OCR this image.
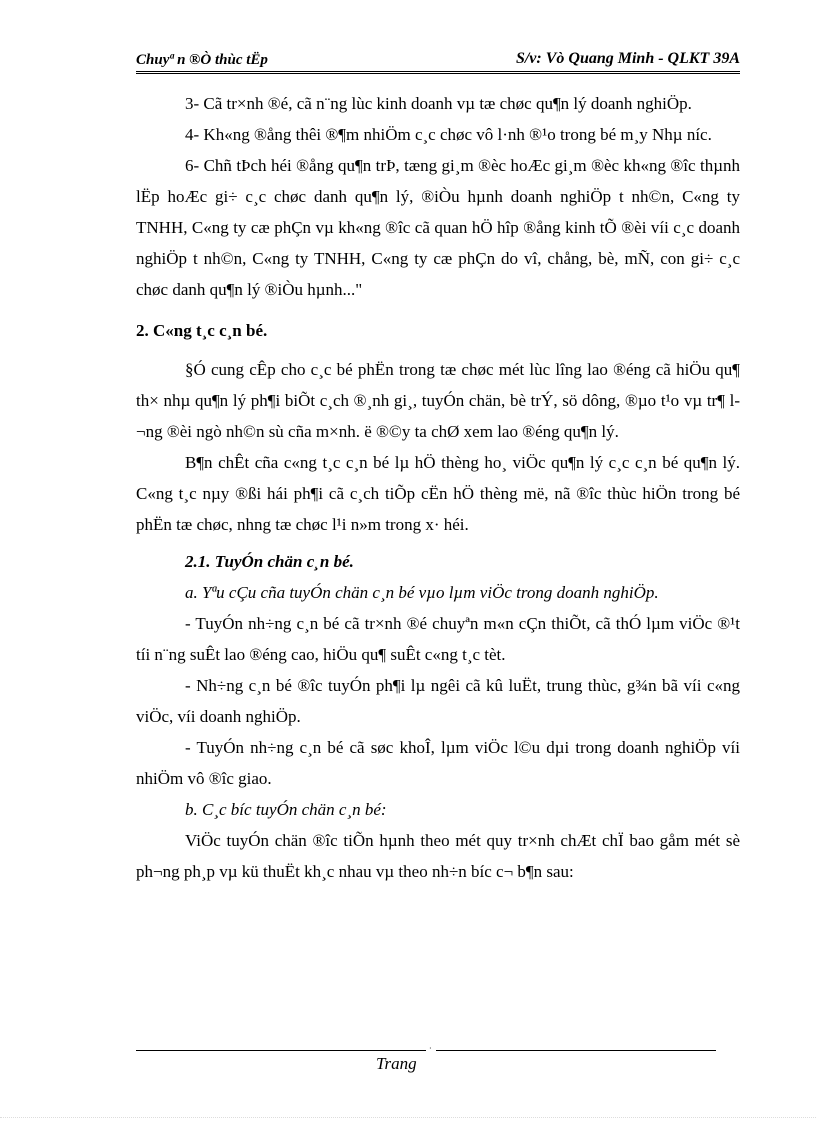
Chuyª n ®Ò thùc tËp	S/v: Vò Quang Minh - QLKT 39A

3- Cã tr×nh ®é, cã n¨ng lùc kinh doanh vµ tæ chøc qu¶n lý doanh nghiÖp.

4- Kh«ng ®ång thêi ®¶m nhiÖm c¸c chøc vô l·nh ®¹o trong bé m¸y Nhµ níc.

6- Chñ tÞch héi ®ång qu¶n trÞ, tæng gi¸m ®èc hoÆc gi¸m ®èc kh«ng ®îc thµnh lËp hoÆc gi÷ c¸c chøc danh qu¶n lý, ®iÒu hµnh doanh nghiÖp t nh©n, C«ng ty TNHH, C«ng ty cæ phÇn vµ kh«ng ®îc cã quan hÖ hîp ®ång kinh tÕ ®èi víi c¸c doanh nghiÖp t nh©n, C«ng ty TNHH, C«ng ty cæ phÇn do vî, chång, bè, mÑ, con gi÷ c¸c chøc danh qu¶n lý ®iÒu hµnh..."

2. C«ng t¸c c¸n bé.

§Ó cung cÊp cho c¸c bé phËn trong tæ chøc mét lùc lîng lao ®éng cã hiÖu qu¶ th× nhµ qu¶n lý ph¶i biÕt c¸ch ®¸nh gi¸, tuyÓn chän, bè trÝ, sö dông, ®µo t¹o vµ tr¶ l¬ng ®èi ngò nh©n sù cña m×nh. ë ®©y ta chØ xem lao ®éng qu¶n lý.

B¶n chÊt cña c«ng t¸c c¸n bé lµ hÖ thèng ho¸ viÖc qu¶n lý c¸c c¸n bé qu¶n lý. C«ng t¸c nµy ®ßi hái ph¶i cã c¸ch tiÕp cËn hÖ thèng më, nã ®îc thùc hiÖn trong bé phËn tæ chøc, nhng tæ chøc l¹i n»m trong x· héi.

2.1. TuyÓn chän c¸n bé.

a. Yªu cÇu cña tuyÓn chän c¸n bé vµo lµm viÖc trong doanh nghiÖp.

- TuyÓn nh÷ng c¸n bé cã tr×nh ®é chuyªn m«n cÇn thiÕt, cã thÓ lµm viÖc ®¹t tíi n¨ng suÊt lao ®éng cao, hiÖu qu¶ suÊt c«ng t¸c tèt.

- Nh÷ng c¸n bé ®îc tuyÓn ph¶i lµ ngêi cã kû luËt, trung thùc, g¾n bã víi c«ng viÖc, víi doanh nghiÖp.

- TuyÓn nh÷ng c¸n bé cã søc khoÎ, lµm viÖc l©u dµi trong doanh nghiÖp víi nhiÖm vô ®îc giao.

b. C¸c bíc tuyÓn chän c¸n bé:

ViÖc tuyÓn chän ®îc tiÕn hµnh theo mét quy tr×nh chÆt chÏ bao gåm mét sè ph¬ng ph¸p vµ kü thuËt kh¸c nhau vµ theo nh÷n bíc c¬ b¶n sau:

·
Trang
